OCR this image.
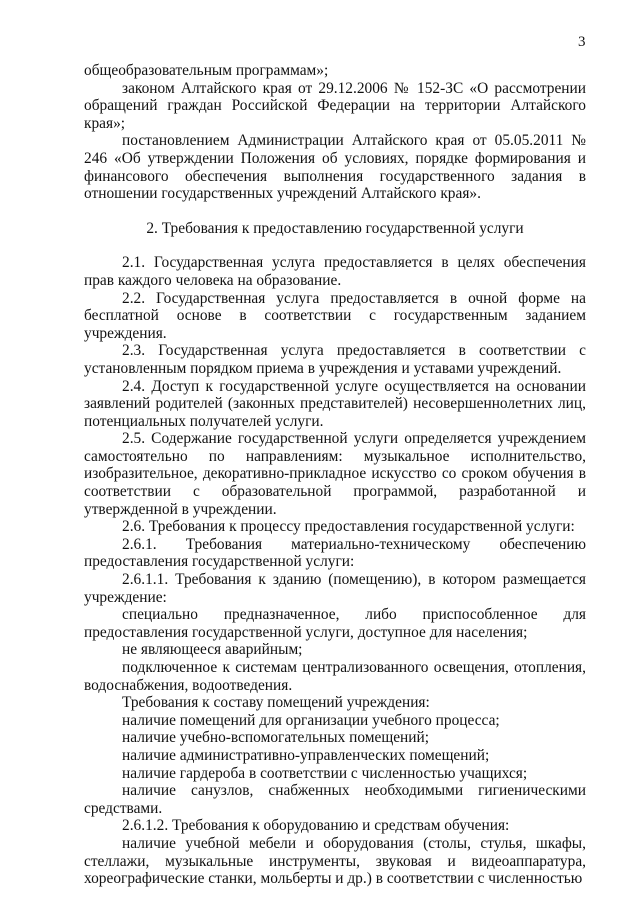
3

общеобразовательным программам»;

законом Алтайского края от 29.12.2006 № 152-ЗС «О рассмотрении обращений граждан Российской Федерации на территории Алтайского края»;

постановлением Администрации Алтайского края от 05.05.2011 № 246 «Об утверждении Положения об условиях, порядке формирования и финансового обеспечения выполнения государственного задания в отношении государственных учреждений Алтайского края».

2. Требования к предоставлению государственной услуги

2.1. Государственная услуга предоставляется в целях обеспечения прав каждого человека на образование.

2.2. Государственная услуга предоставляется в очной форме на бесплатной основе в соответствии с государственным заданием учреждения.

2.3. Государственная услуга предоставляется в соответствии с установленным порядком приема в учреждения и уставами учреждений.

2.4. Доступ к государственной услуге осуществляется на основании заявлений родителей (законных представителей) несовершеннолетних лиц, потенциальных получателей услуги.

2.5. Содержание государственной услуги определяется учреждением самостоятельно по направлениям: музыкальное исполнительство, изобразительное, декоративно-прикладное искусство со сроком обучения в соответствии с образовательной программой, разработанной и утвержденной в учреждении.

2.6. Требования к процессу предоставления государственной услуги:

2.6.1. Требования материально-техническому обеспечению предоставления государственной услуги:

2.6.1.1. Требования к зданию (помещению), в котором размещается учреждение:

специально предназначенное, либо приспособленное для предоставления государственной услуги, доступное для населения;

не являющееся аварийным;

подключенное к системам централизованного освещения, отопления, водоснабжения, водоотведения.

Требования к составу помещений учреждения:

наличие помещений для организации учебного процесса;

наличие учебно-вспомогательных помещений;

наличие административно-управленческих помещений;

наличие гардероба в соответствии с численностью учащихся;

наличие санузлов, снабженных необходимыми гигиеническими средствами.

2.6.1.2. Требования к оборудованию и средствам обучения:

наличие учебной мебели и оборудования (столы, стулья, шкафы, стеллажи, музыкальные инструменты, звуковая и видеоаппаратура, хореографические станки, мольберты и др.) в соответствии с численностью
